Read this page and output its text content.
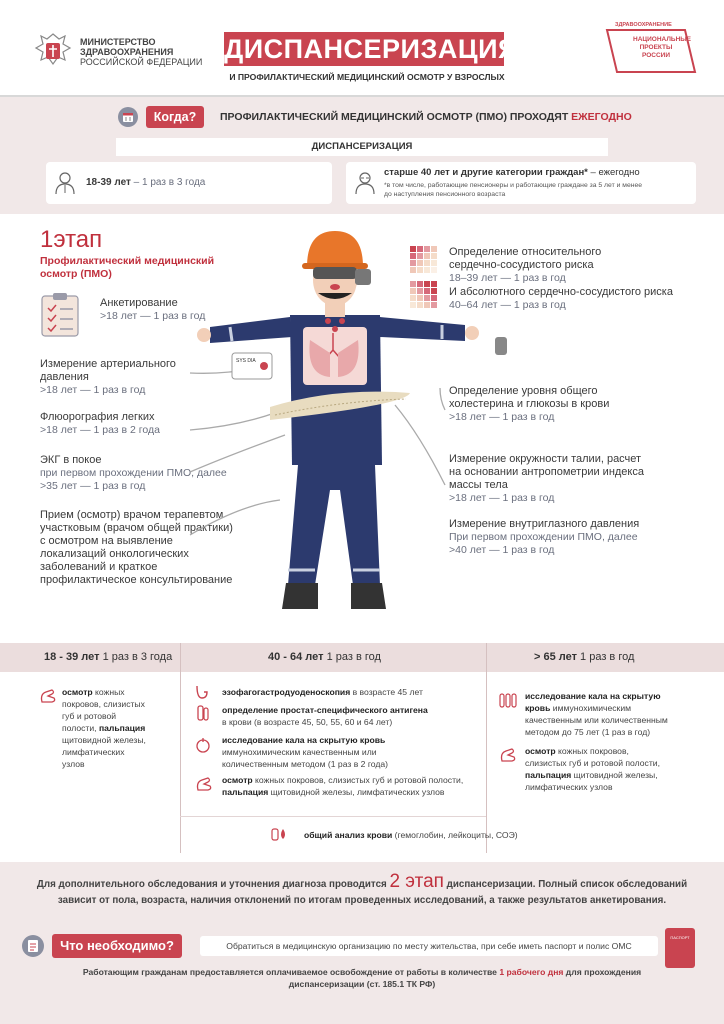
МИНИСТЕРСТВО
ЗДРАВООХРАНЕНИЯ
РОССИЙСКОЙ ФЕДЕРАЦИИ ДИСПАНСЕРИЗАЦИЯ
И ПРОФИЛАКТИЧЕСКИЙ МЕДИЦИНСКИЙ ОСМОТР У ВЗРОСЛЫХ
ЗДРАВООХРАНЕНИЕ
НАЦИОНАЛЬНЫЕ
ПРОЕКТЫ
РОССИИ
Когда?	ПРОФИЛАКТИЧЕСКИЙ МЕДИЦИНСКИЙ ОСМОТР (ПМО) ПРОХОДЯТ ЕЖЕГОДНО
ДИСПАНСЕРИЗАЦИЯ
18-39 лет – 1 раз в 3 года
старше 40 лет и другие категории граждан* – ежегодно
*в том числе, работающие пенсионеры и работающие граждане за 5 лет и менее
до наступления пенсионного возраста
1этап
Профилактический медицинский
осмотр (ПМО)
Анкетирование
>18 лет — 1 раз в год
Измерение артериального
давления
>18 лет — 1 раз в год
Флюорография легких
>18 лет — 1 раз в 2 года
ЭКГ в покое
при первом прохождении ПМО, далее
>35 лет — 1 раз в год
Прием (осмотр) врачом терапевтом
участковым (врачом общей практики)
с осмотром на выявление
локализаций онкологических
заболеваний и краткое
профилактическое консультирование
Определение относительного
сердечно-сосудистого риска
18–39 лет — 1 раз в год
И абсолютного сердечно-сосудистого риска
40–64 лет — 1 раз в год
Определение уровня общего
холестерина и глюкозы в крови
>18 лет — 1 раз в год
Измерение окружности талии, расчет
на основании антропометрии индекса
массы тела
>18 лет — 1 раз в год
Измерение внутриглазного давления
При первом прохождении ПМО, далее
>40 лет — 1 раз в год
SYS DIA
18 - 39 лет 1 раз в 3 года	40 - 64 лет 1 раз в год	> 65 лет 1 раз в год
осмотр кожных
покровов, слизистых
губ и ротовой
полости, пальпация
щитовидной железы,
лимфатических
узлов
эзофагогастродуоденоскопия в возрасте 45 лет
определение простат-специфического антигена
в крови (в возрасте 45, 50, 55, 60 и 64 лет)
исследование кала на скрытую кровь
иммунохимическим качественным или
количественным методом (1 раз в 2 года)
осмотр кожных покровов, слизистых губ и ротовой полости,
пальпация щитовидной железы, лимфатических узлов
общий анализ крови (гемоглобин, лейкоциты, СОЭ)
исследование кала на скрытую
кровь иммунохимическим
качественным или количественным
методом до 75 лет (1 раз в год)
осмотр кожных покровов,
слизистых губ и ротовой полости,
пальпация щитовидной железы,
лимфатических узлов
Для дополнительного обследования и уточнения диагноза проводится 2 этап диспансеризации. Полный список обследований
зависит от пола, возраста, наличия отклонений по итогам проведенных исследований, а также результатов анкетирования.
Что необходимо?	Обратиться в медицинскую организацию по месту жительства, при себе иметь паспорт и полис ОМС
ПАСПОРТ
Работающим гражданам предоставляется оплачиваемое освобождение от работы в количестве 1 рабочего дня для прохождения
диспансеризации (ст. 185.1 ТК РФ)
